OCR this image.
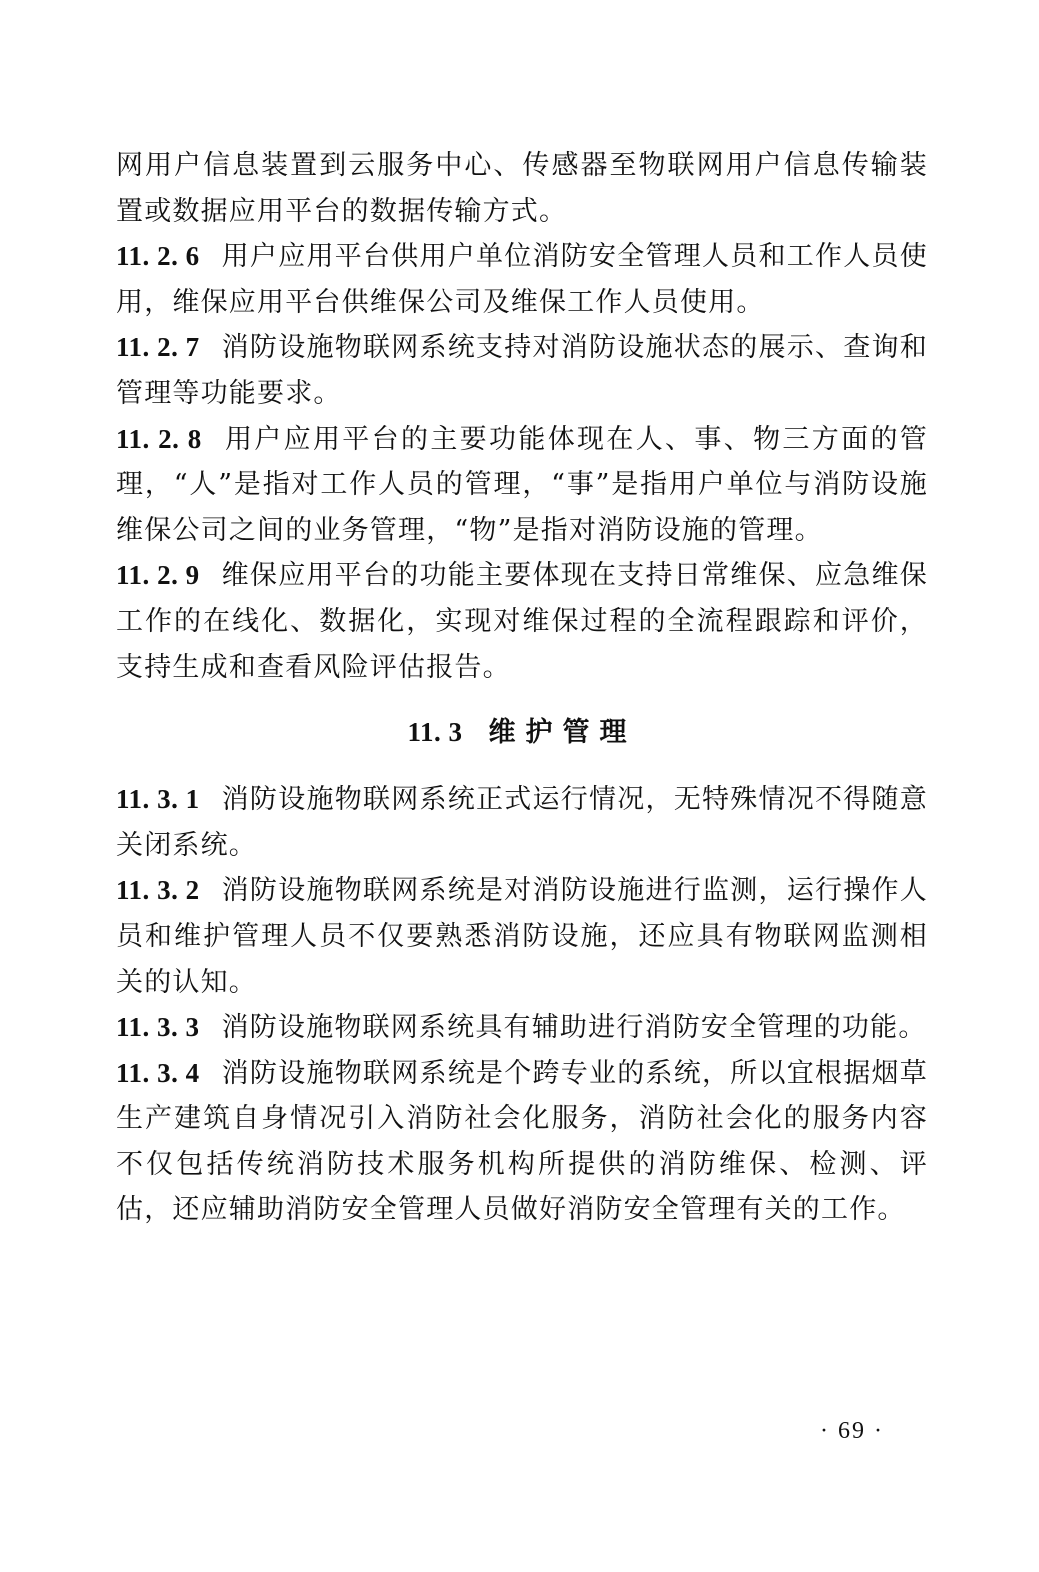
网用户信息装置到云服务中心、传感器至物联网用户信息传输装置或数据应用平台的数据传输方式。

11. 2. 6 用户应用平台供用户单位消防安全管理人员和工作人员使用，维保应用平台供维保公司及维保工作人员使用。

11. 2. 7 消防设施物联网系统支持对消防设施状态的展示、查询和管理等功能要求。

11. 2. 8 用户应用平台的主要功能体现在人、事、物三方面的管理，“人”是指对工作人员的管理，“事”是指用户单位与消防设施维保公司之间的业务管理，“物”是指对消防设施的管理。

11. 2. 9 维保应用平台的功能主要体现在支持日常维保、应急维保工作的在线化、数据化，实现对维保过程的全流程跟踪和评价，支持生成和查看风险评估报告。

11. 3 维护管理

11. 3. 1 消防设施物联网系统正式运行情况，无特殊情况不得随意关闭系统。

11. 3. 2 消防设施物联网系统是对消防设施进行监测，运行操作人员和维护管理人员不仅要熟悉消防设施，还应具有物联网监测相关的认知。

11. 3. 3 消防设施物联网系统具有辅助进行消防安全管理的功能。

11. 3. 4 消防设施物联网系统是个跨专业的系统，所以宜根据烟草生产建筑自身情况引入消防社会化服务，消防社会化的服务内容不仅包括传统消防技术服务机构所提供的消防维保、检测、评估，还应辅助消防安全管理人员做好消防安全管理有关的工作。

· 69 ·
